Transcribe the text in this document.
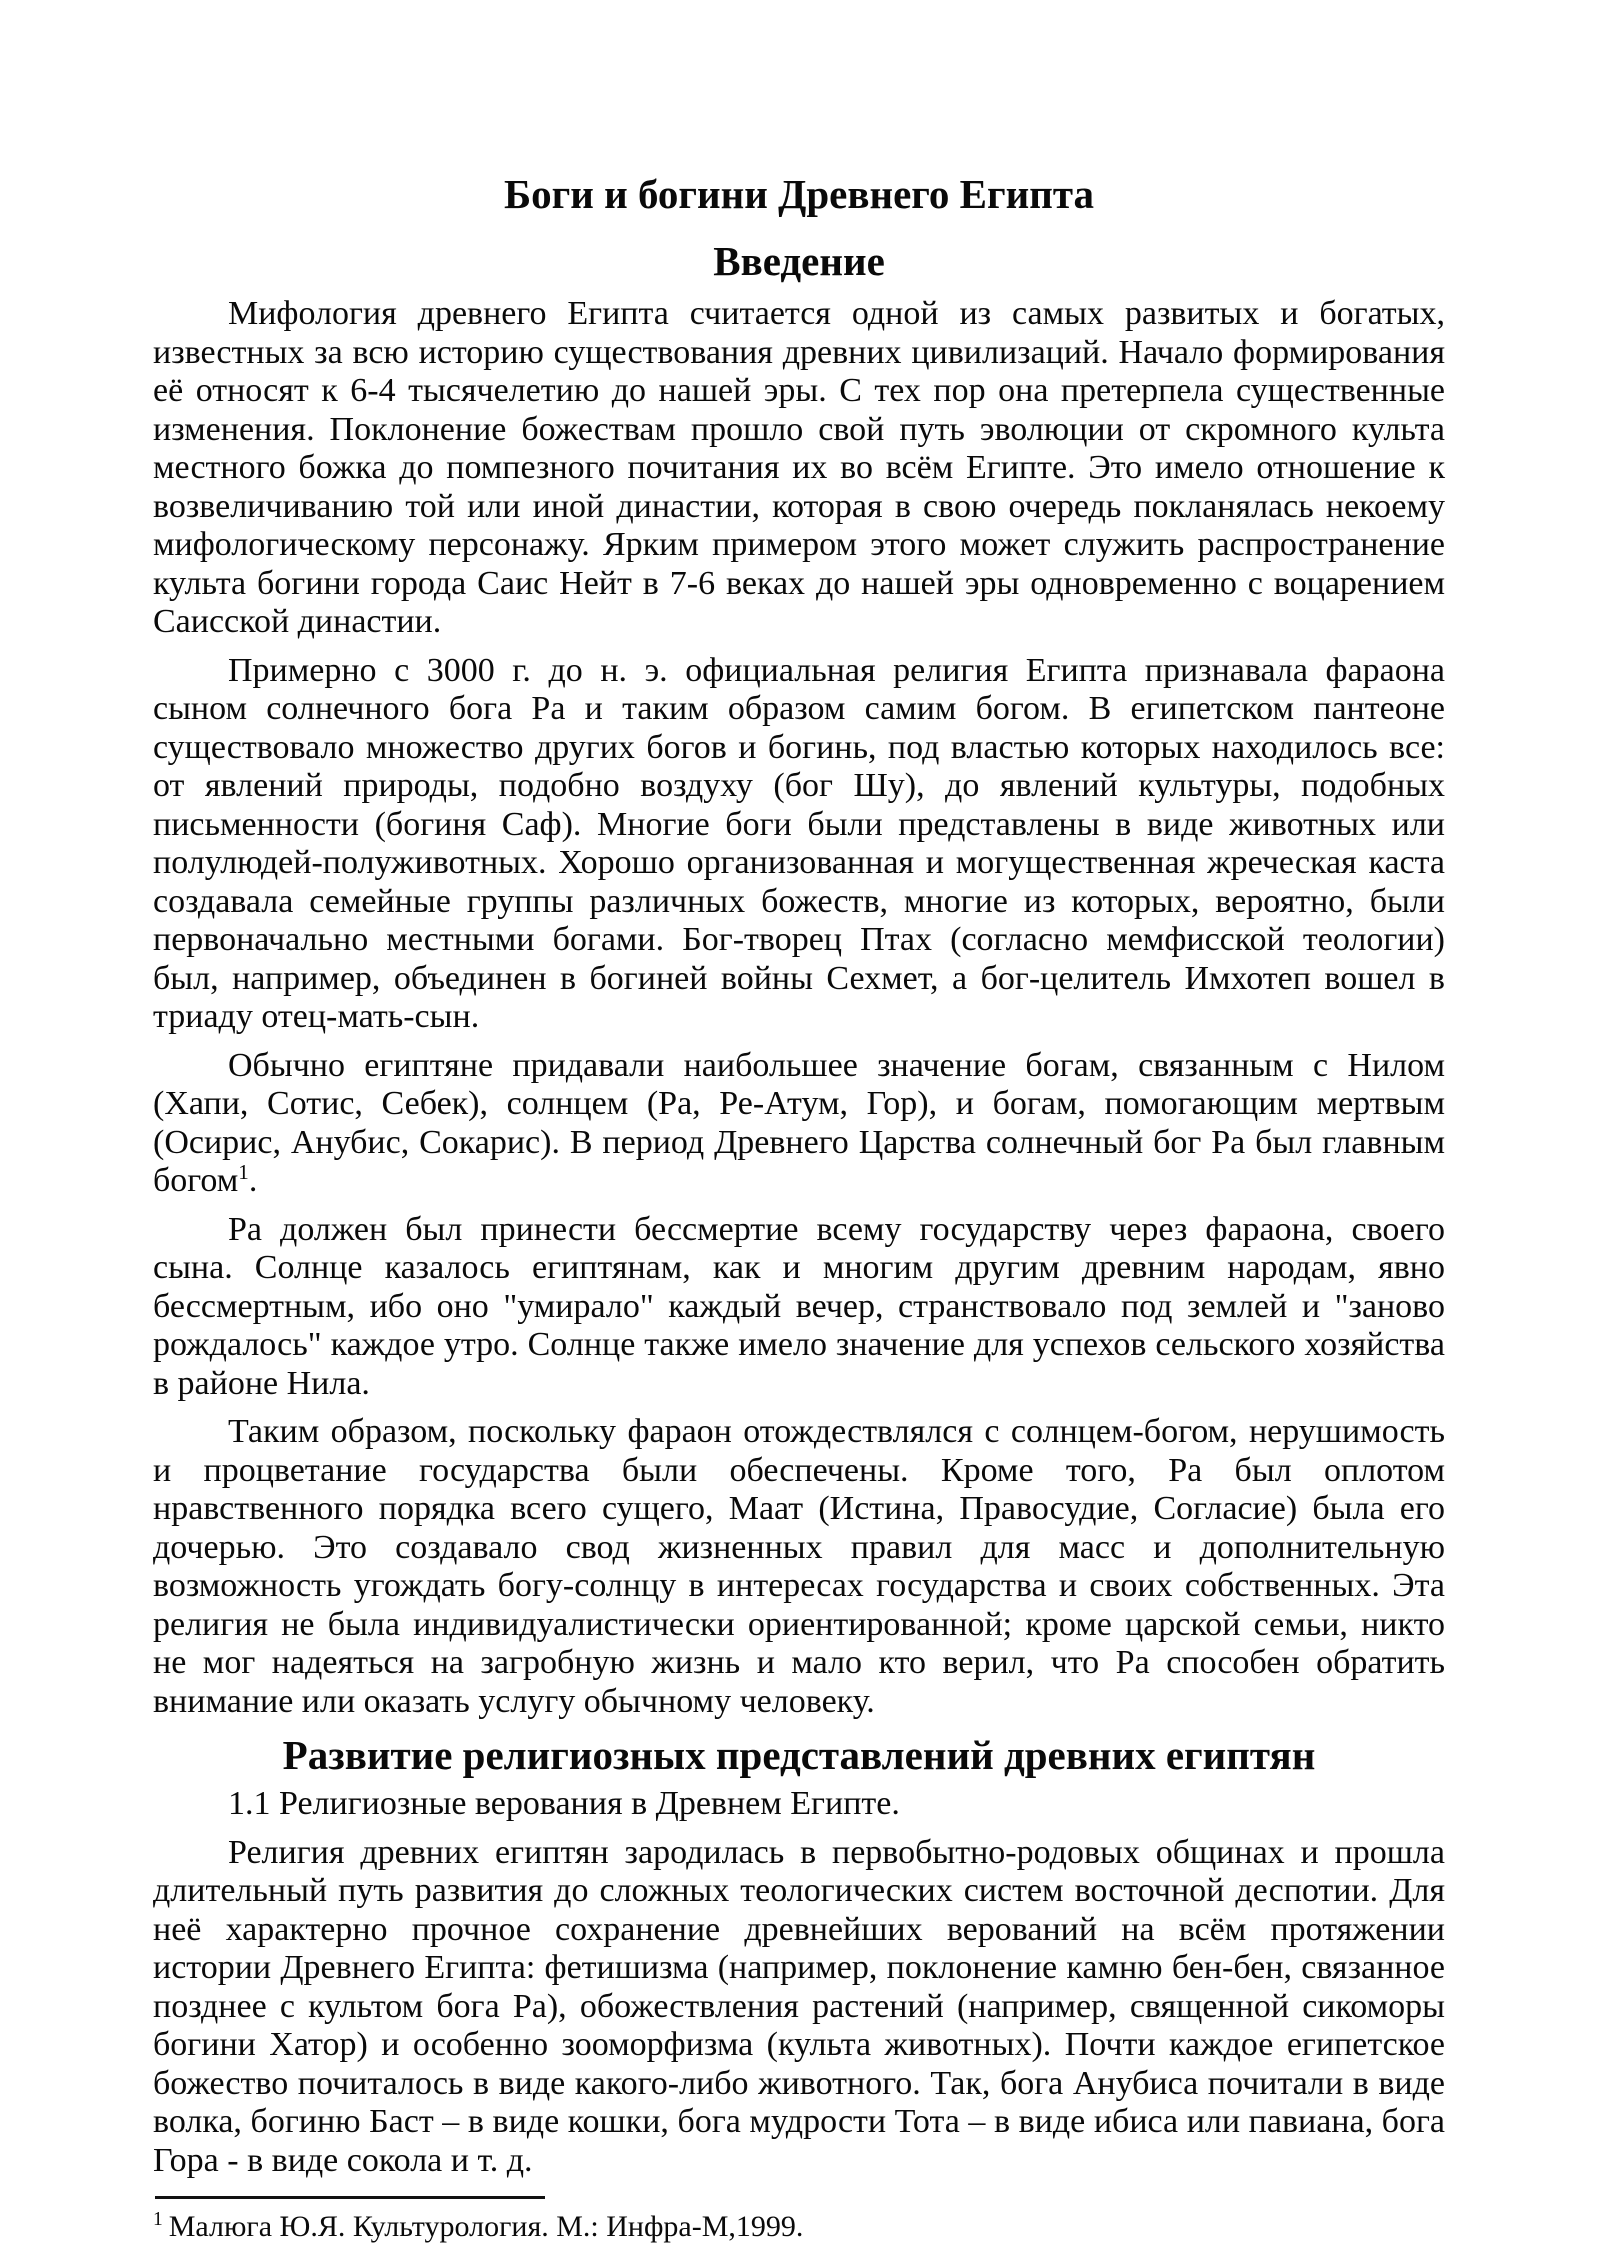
Боги и богини Древнего Египта
Введение

Мифология древнего Египта считается одной из самых развитых и богатых, известных за всю историю существования древних цивилизаций. Начало формирования её относят к 6-4 тысячелетию до нашей эры. С тех пор она претерпела существенные изменения. Поклонение божествам прошло свой путь эволюции от скромного культа местного божка до помпезного почитания их во всём Египте. Это имело отношение к возвеличиванию той или иной династии, которая в свою очередь покланялась некоему мифологическому персонажу. Ярким примером этого может служить распространение культа богини города Саис Нейт в 7-6 веках до нашей эры одновременно с воцарением Саисской династии.

Примерно с 3000 г. до н. э. официальная религия Египта признавала фараона сыном солнечного бога Ра и таким образом самим богом. В египетском пантеоне существовало множество других богов и богинь, под властью которых находилось все: от явлений природы, подобно воздуху (бог Шу), до явлений культуры, подобных письменности (богиня Саф). Многие боги были представлены в виде животных или полулюдей-полуживотных. Хорошо организованная и могущественная жреческая каста создавала семейные группы различных божеств, многие из которых, вероятно, были первоначально местными богами. Бог-творец Птах (согласно мемфисской теологии) был, например, объединен в богиней войны Сехмет, а бог-целитель Имхотеп вошел в триаду отец-мать-сын.

Обычно египтяне придавали наибольшее значение богам, связанным с Нилом (Хапи, Сотис, Себек), солнцем (Ра, Ре-Атум, Гор), и богам, помогающим мертвым (Осирис, Анубис, Сокарис). В период Древнего Царства солнечный бог Ра был главным богом$^1$.

Ра должен был принести бессмертие всему государству через фараона, своего сына. Солнце казалось египтянам, как и многим другим древним народам, явно бессмертным, ибо оно "умирало" каждый вечер, странствовало под землей и "заново рождалось" каждое утро. Солнце также имело значение для успехов сельского хозяйства в районе Нила.

Таким образом, поскольку фараон отождествлялся с солнцем-богом, нерушимость и процветание государства были обеспечены. Кроме того, Ра был оплотом нравственного порядка всего сущего, Маат (Истина, Правосудие, Согласие) была его дочерью. Это создавало свод жизненных правил для масс и дополнительную возможность угождать богу-солнцу в интересах государства и своих собственных. Эта религия не была индивидуалистически ориентированной; кроме царской семьи, никто не мог надеяться на загробную жизнь и мало кто верил, что Ра способен обратить внимание или оказать услугу обычному человеку.

Развитие религиозных представлений древних египтян

1.1 Религиозные верования в Древнем Египте.

Религия древних египтян зародилась в первобытно-родовых общинах и прошла длительный путь развития до сложных теологических систем восточной деспотии. Для неё характерно прочное сохранение древнейших верований на всём протяжении истории Древнего Египта: фетишизма (например, поклонение камню бен-бен, связанное позднее с культом бога Ра), обожествления растений (например, священной сикоморы богини Хатор) и особенно зооморфизма (культа животных). Почти каждое египетское божество почиталось в виде какого-либо животного. Так, бога Анубиса почитали в виде волка, богиню Баст – в виде кошки, бога мудрости Тота – в виде ибиса или павиана, бога Гора - в виде сокола и т. д.

$^1$ Малюга Ю.Я. Культурология. М.: Инфра-М,1999.
